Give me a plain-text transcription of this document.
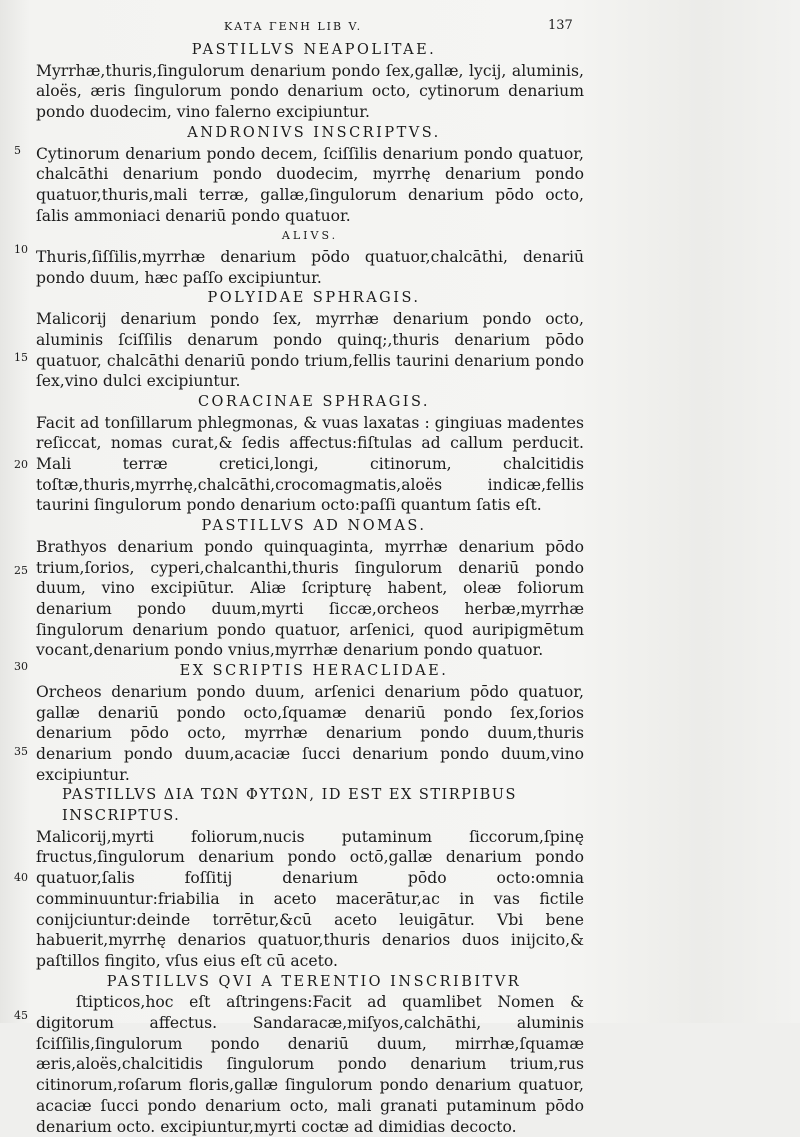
ΚΑΤΑ ΓΕΝΗ LIB V.	137
5
10
15
20
25
30
35
40
45
PASTILLVS NEAPOLITAE.

Myrrhæ,thuris,ſingulorum denarium pondo ſex,gallæ, lycij, aluminis, aloës, æris ſingulorum pondo denarium octo, cytinorum denarium pondo duodecim, vino falerno excipiuntur.

ANDRONIVS INSCRIPTVS.

Cytinorum denarium pondo decem, ſciſſilis denarium pondo quatuor, chalcāthi denarium pondo duodecim, myrrhę denarium pondo quatuor,thuris,mali terræ, gallæ,ſingulorum denarium pōdo octo, ſalis ammoniaci denariū pondo quatuor.

ALIVS.

Thuris,ſiſſilis,myrrhæ denarium pōdo quatuor,chalcāthi, denariū pondo duum, hæc paſſo excipiuntur.

POLYIDAE SPHRAGIS.

Malicorij denarium pondo ſex, myrrhæ denarium pondo octo, aluminis ſciſſilis denarum pondo quinq;,thuris denarium pōdo quatuor, chalcāthi denariū pondo trium,fellis taurini denarium pondo ſex,vino dulci excipiuntur.

CORACINAE SPHRAGIS.

Facit ad tonſillarum phlegmonas, & vuas laxatas : gingiuas madentes reſiccat, nomas curat,& ſedis affectus:fiſtulas ad callum perducit. Mali terræ cretici,longi, citinorum, chalcitidis toſtæ,thuris,myrrhę,chalcāthi,crocomagmatis,aloës indicæ,fellis taurini ſingulorum pondo denarium octo:paſſi quantum ſatis eſt.

PASTILLVS AD NOMAS.

Brathyos denarium pondo quinquaginta, myrrhæ denarium pōdo trium,ſorios, cyperi,chalcanthi,thuris ſingulorum denariū pondo duum, vino excipiūtur. Aliæ ſcripturę habent, oleæ foliorum denarium pondo duum,myrti ſiccæ,orcheos herbæ,myrrhæ ſingulorum denarium pondo quatuor, arſenici, quod auripigmētum vocant,denarium pondo vnius,myrrhæ denarium pondo quatuor.

EX SCRIPTIS HERACLIDAE.

Orcheos denarium pondo duum, arſenici denarium pōdo quatuor, gallæ denariū pondo octo,ſquamæ denariū pondo ſex,ſorios denarium pōdo octo, myrrhæ denarium pondo duum,thuris denarium pondo duum,acaciæ ſucci denarium pondo duum,vino excipiuntur.

PASTILLVS ΔΙΑ ΤΩΝ ΦΥΤΩΝ, ID EST EX STIRPIBUS INSCRIPTUS.

Malicorij,myrti foliorum,nucis putaminum ſiccorum,ſpinę fructus,ſingulorum denarium pondo octō,gallæ denarium pondo quatuor,ſalis foſſitij denarium pōdo octo:omnia comminuuntur:friabilia in aceto macerātur,ac in vas fictile conijciuntur:deinde torrētur,&cū aceto leuigātur. Vbi bene habuerit,myrrhę denarios quatuor,thuris denarios duos inijcito,& paſtillos fingito, vſus eius eſt cū aceto.

PASTILLVS QVI A TERENTIO INSCRIBITVR

ſtipticos,hoc eſt aſtringens:Facit ad quamlibet Nomen & digitorum affectus. Sandaracæ,miſyos,calchāthi, aluminis ſciſſilis,ſingulorum pondo denariū duum, mirrhæ,ſquamæ æris,aloës,chalcitidis ſingulorum pondo denarium trium,rus citinorum,roſarum floris,gallæ ſingulorum pondo denarium quatuor, acaciæ ſucci pondo denarium octo, mali granati putaminum pōdo denarium octo. excipiuntur,myrti coctæ ad dimidias decocto.
